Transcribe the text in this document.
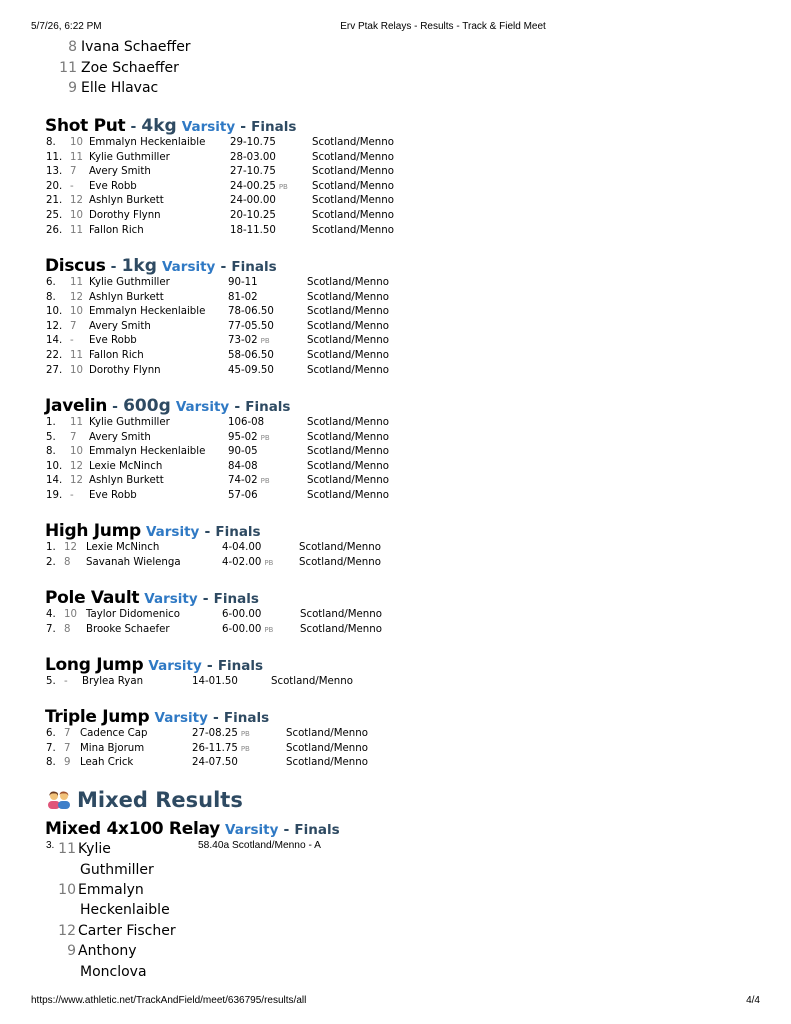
5/7/26, 6:22 PM	Erv Ptak Relays - Results - Track & Field Meet
https://www.athletic.net/TrackAndField/meet/636795/results/all	4/4
8 Ivana Schaeffer
11 Zoe Schaeffer
9 Elle Hlavac
Shot Put - 4kg Varsity - Finals
8. 10 Emmalyn Heckenlaible 29-10.75	Scotland/Menno
11. 11 Kylie Guthmiller	28-03.00	Scotland/Menno
13. 7 Avery Smith	27-10.75	Scotland/Menno
20. - Eve Robb	24-00.25 PB Scotland/Menno
21. 12 Ashlyn Burkett	24-00.00	Scotland/Menno
25. 10 Dorothy Flynn	20-10.25	Scotland/Menno
26. 11 Fallon Rich	18-11.50	Scotland/Menno
Discus - 1kg Varsity - Finals
6. 11 Kylie Guthmiller	90-11	Scotland/Menno
8. 12 Ashlyn Burkett	81-02	Scotland/Menno
10. 10 Emmalyn Heckenlaible 78-06.50	Scotland/Menno
12. 7 Avery Smith	77-05.50	Scotland/Menno
14. - Eve Robb	73-02 PB	Scotland/Menno
22. 11 Fallon Rich	58-06.50	Scotland/Menno
27. 10 Dorothy Flynn	45-09.50	Scotland/Menno
Javelin - 600g Varsity - Finals
1. 11 Kylie Guthmiller	106-08	Scotland/Menno
5. 7 Avery Smith	95-02 PB	Scotland/Menno
8. 10 Emmalyn Heckenlaible 90-05	Scotland/Menno
10. 12 Lexie McNinch	84-08	Scotland/Menno
14. 12 Ashlyn Burkett	74-02 PB	Scotland/Menno
19. - Eve Robb	57-06	Scotland/Menno
High Jump Varsity - Finals
1. 12 Lexie McNinch	4-04.00	Scotland/Menno
2. 8 Savanah Wielenga	4-02.00 PB	Scotland/Menno
Pole Vault Varsity - Finals
4. 10 Taylor Didomenico	6-00.00	Scotland/Menno
7. 8 Brooke Schaefer	6-00.00 PB	Scotland/Menno
Long Jump Varsity - Finals
5. - Brylea Ryan	14-01.50	Scotland/Menno
Triple Jump Varsity - Finals
6. 7 Cadence Cap	27-08.25 PB	Scotland/Menno
7. 7 Mina Bjorum	26-11.75 PB	Scotland/Menno
8. 9 Leah Crick	24-07.50	Scotland/Menno
Mixed Results
Mixed 4x100 Relay Varsity - Finals
3.	58.40a Scotland/Menno - A
11 Kylie
Guthmiller
10 Emmalyn
Heckenlaible
12 Carter Fischer
9 Anthony
Monclova
